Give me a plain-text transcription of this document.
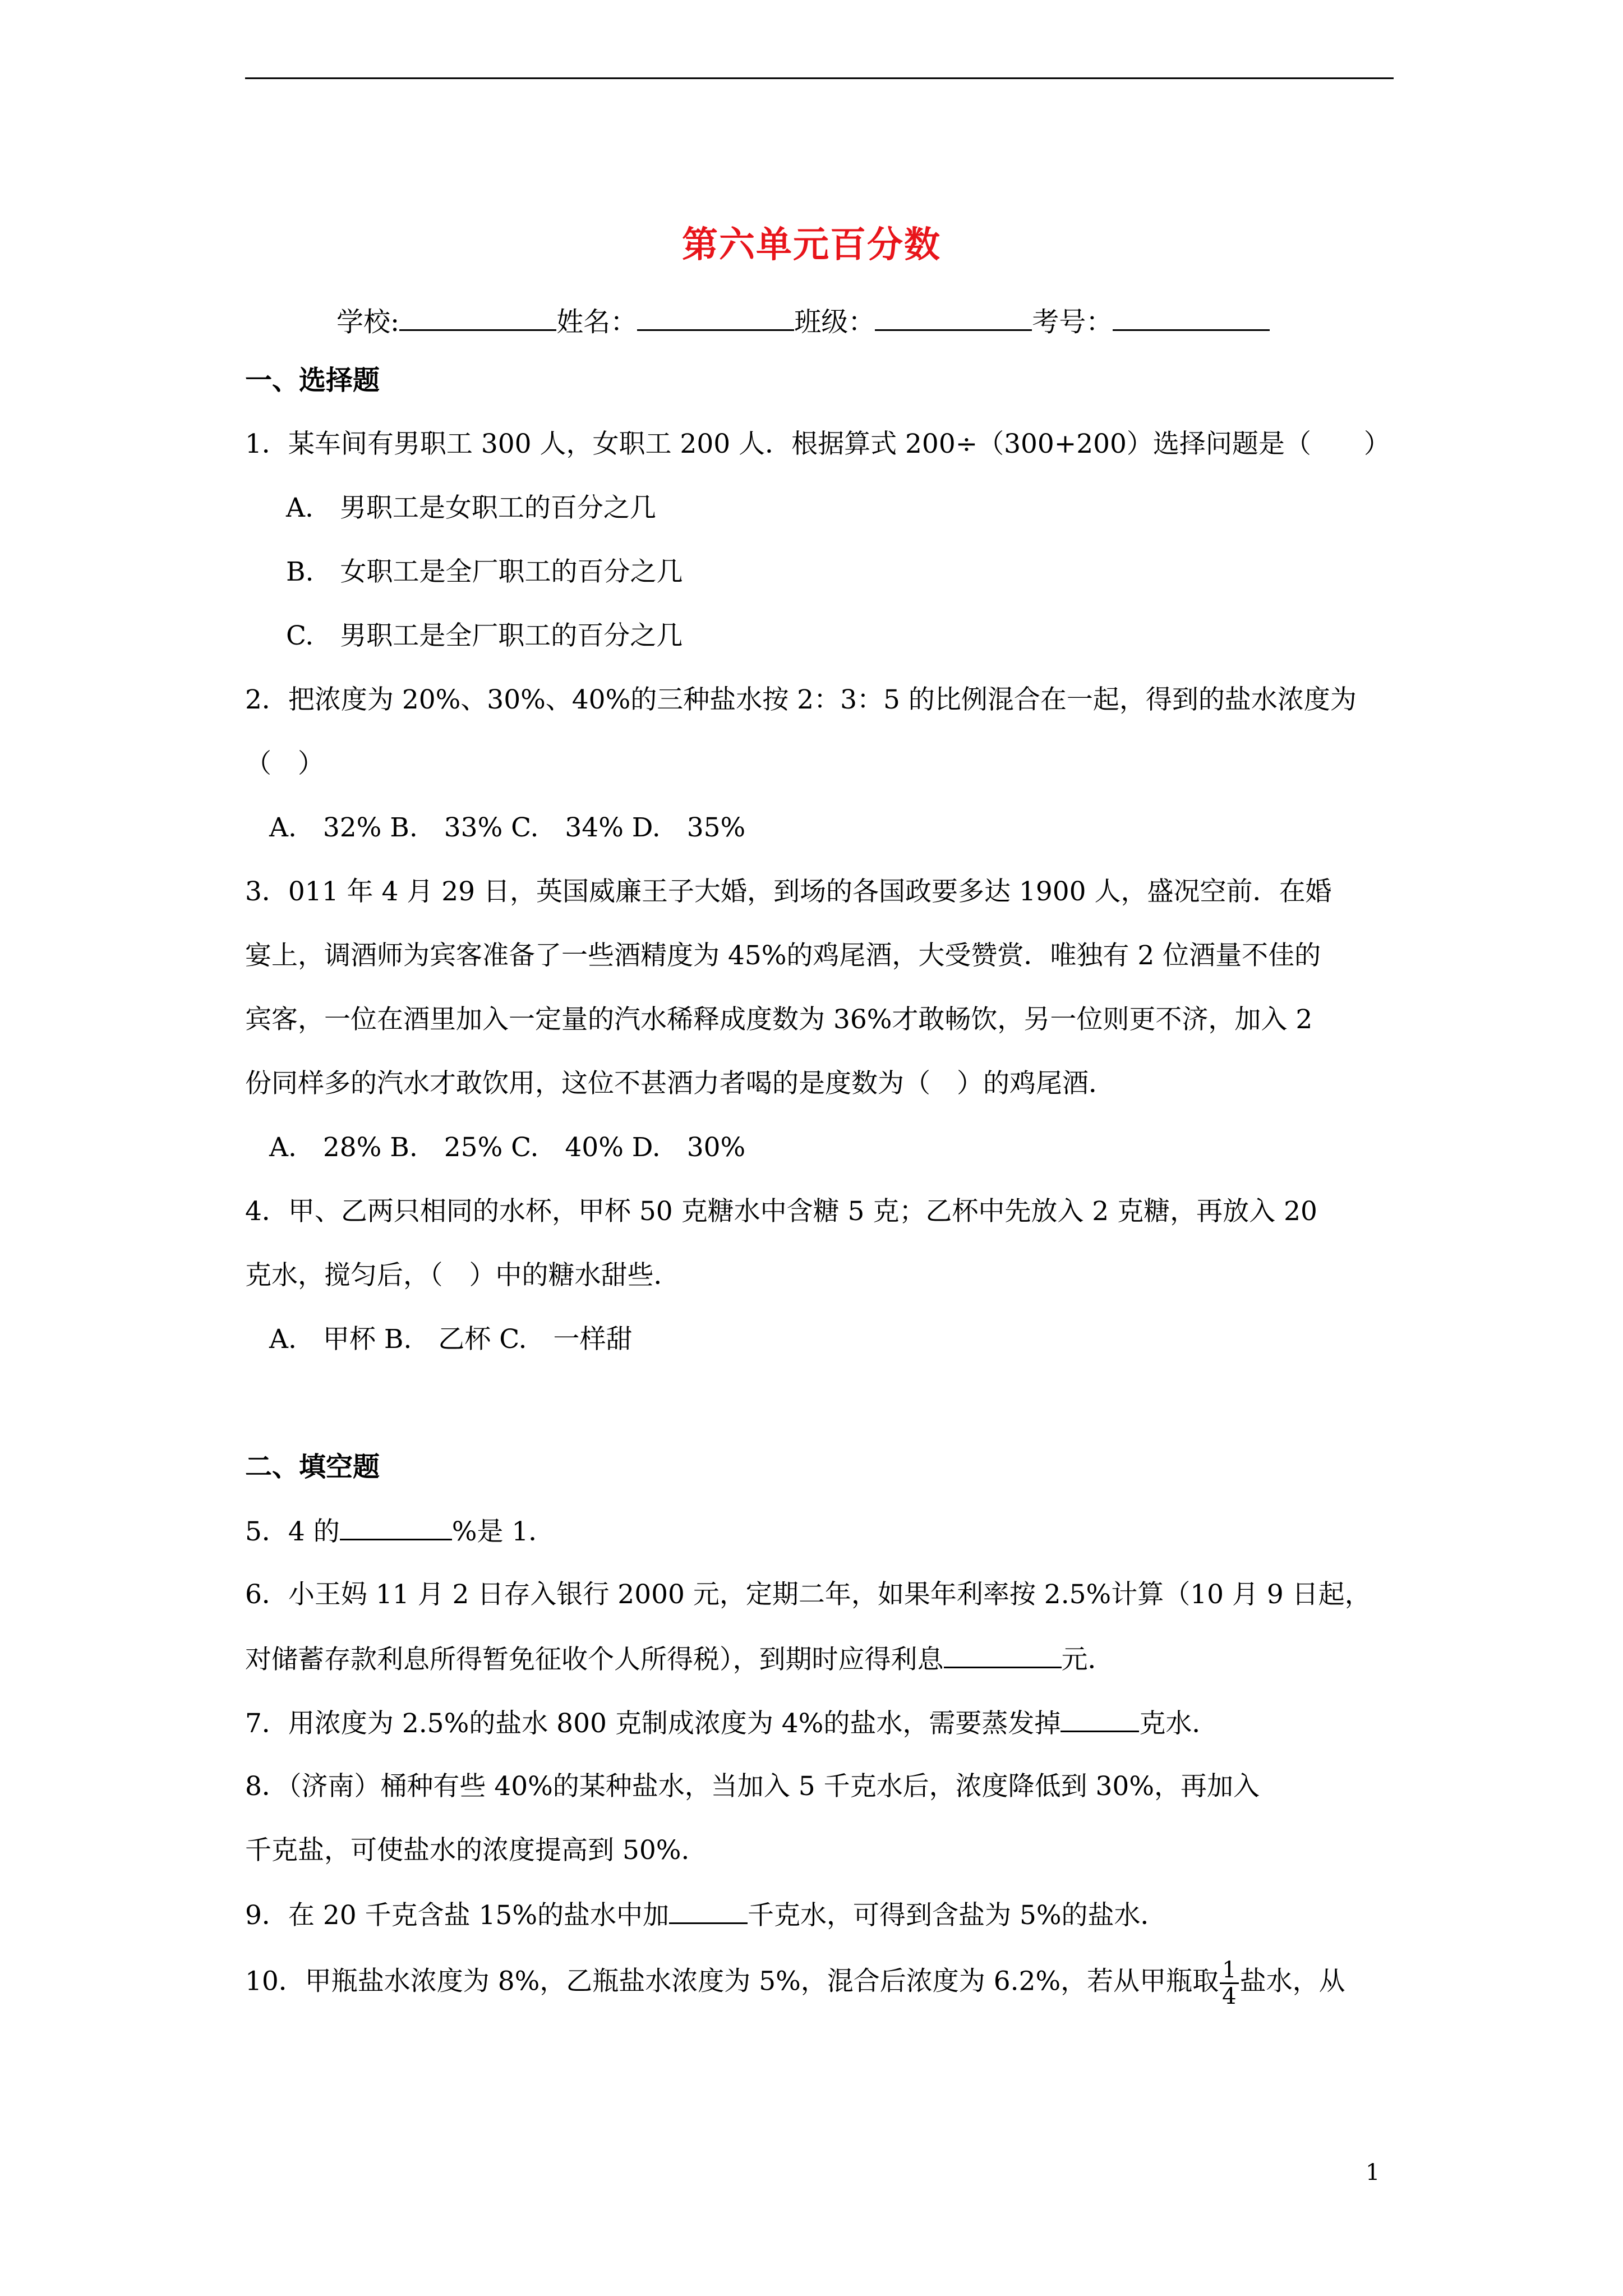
第六单元百分数
学校:	姓名：	班级：	考号：
一、选择题
1．某车间有男职工 300 人，女职工 200 人．根据算式 200÷（300+200）选择问题是（　　）
A.　男职工是女职工的百分之几
B.　女职工是全厂职工的百分之几
C.　男职工是全厂职工的百分之几
2．把浓度为 20%、30%、40%的三种盐水按 2：3：5 的比例混合在一起，得到的盐水浓度为
（　）
A.　32% B.　33% C.　34% D.　35%
3．011 年 4 月 29 日，英国威廉王子大婚，到场的各国政要多达 1900 人，盛况空前．在婚
宴上，调酒师为宾客准备了一些酒精度为 45%的鸡尾酒，大受赞赏．唯独有 2 位酒量不佳的
宾客，一位在酒里加入一定量的汽水稀释成度数为 36%才敢畅饮，另一位则更不济，加入 2
份同样多的汽水才敢饮用，这位不甚酒力者喝的是度数为（　）的鸡尾酒．
A.　28% B.　25% C.　40% D.　30%
4．甲、乙两只相同的水杯，甲杯 50 克糖水中含糖 5 克；乙杯中先放入 2 克糖，再放入 20
克水，搅匀后，（　）中的糖水甜些．
A.　甲杯 B.　乙杯 C.　一样甜
二、填空题
5．4 的	%是 1．
6．小王妈 11 月 2 日存入银行 2000 元，定期二年，如果年利率按 2.5%计算（10 月 9 日起，
对储蓄存款利息所得暂免征收个人所得税），到期时应得利息	元．
7．用浓度为 2.5%的盐水 800 克制成浓度为 4%的盐水，需要蒸发掉	克水．
8．（济南）桶种有些 40%的某种盐水，当加入 5 千克水后，浓度降低到 30%，再加入
千克盐，可使盐水的浓度提高到 50%.
9．在 20 千克含盐 15%的盐水中加	千克水，可得到含盐为 5%的盐水．
10．甲瓶盐水浓度为 8%，乙瓶盐水浓度为 5%，混合后浓度为 6.2%，若从甲瓶取 $\frac{1}{4}$ 盐水，从
1
